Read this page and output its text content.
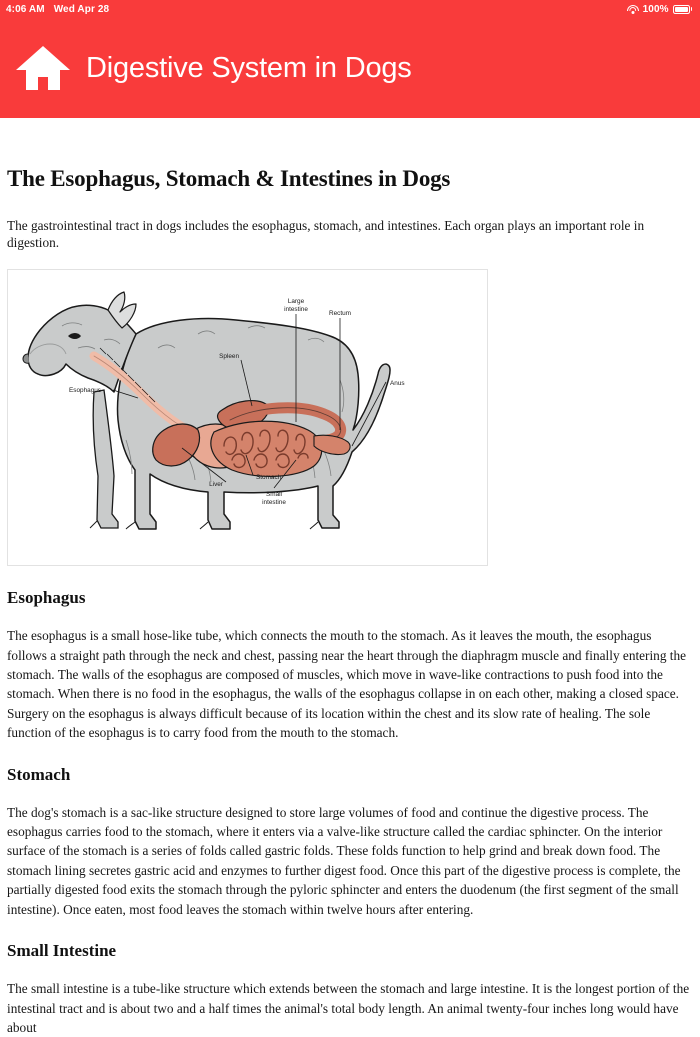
4:06 AM Wed Apr 28	100%
Digestive System in Dogs
The Esophagus, Stomach & Intestines in Dogs

The gastrointestinal tract in dogs includes the esophagus, stomach, and intestines. Each organ plays an important role in digestion.

Esophagus
Spleen
Large
intestine
Rectum
Anus
Stomach
Liver
Small
intestine
Esophagus

The esophagus is a small hose-like tube, which connects the mouth to the stomach. As it leaves the mouth, the esophagus follows a straight path through the neck and chest, passing near the heart through the diaphragm muscle and finally entering the stomach. The walls of the esophagus are composed of muscles, which move in wave-like contractions to push food into the stomach. When there is no food in the esophagus, the walls of the esophagus collapse in on each other, making a closed space. Surgery on the esophagus is always difficult because of its location within the chest and its slow rate of healing. The sole function of the esophagus is to carry food from the mouth to the stomach.

Stomach

The dog's stomach is a sac-like structure designed to store large volumes of food and continue the digestive process. The esophagus carries food to the stomach, where it enters via a valve-like structure called the cardiac sphincter. On the interior surface of the stomach is a series of folds called gastric folds. These folds function to help grind and break down food. The stomach lining secretes gastric acid and enzymes to further digest food. Once this part of the digestive process is complete, the partially digested food exits the stomach through the pyloric sphincter and enters the duodenum (the first segment of the small intestine). Once eaten, most food leaves the stomach within twelve hours after entering.

Small Intestine

The small intestine is a tube-like structure which extends between the stomach and large intestine. It is the longest portion of the intestinal tract and is about two and a half times the animal's total body length. An animal twenty-four inches long would have about
